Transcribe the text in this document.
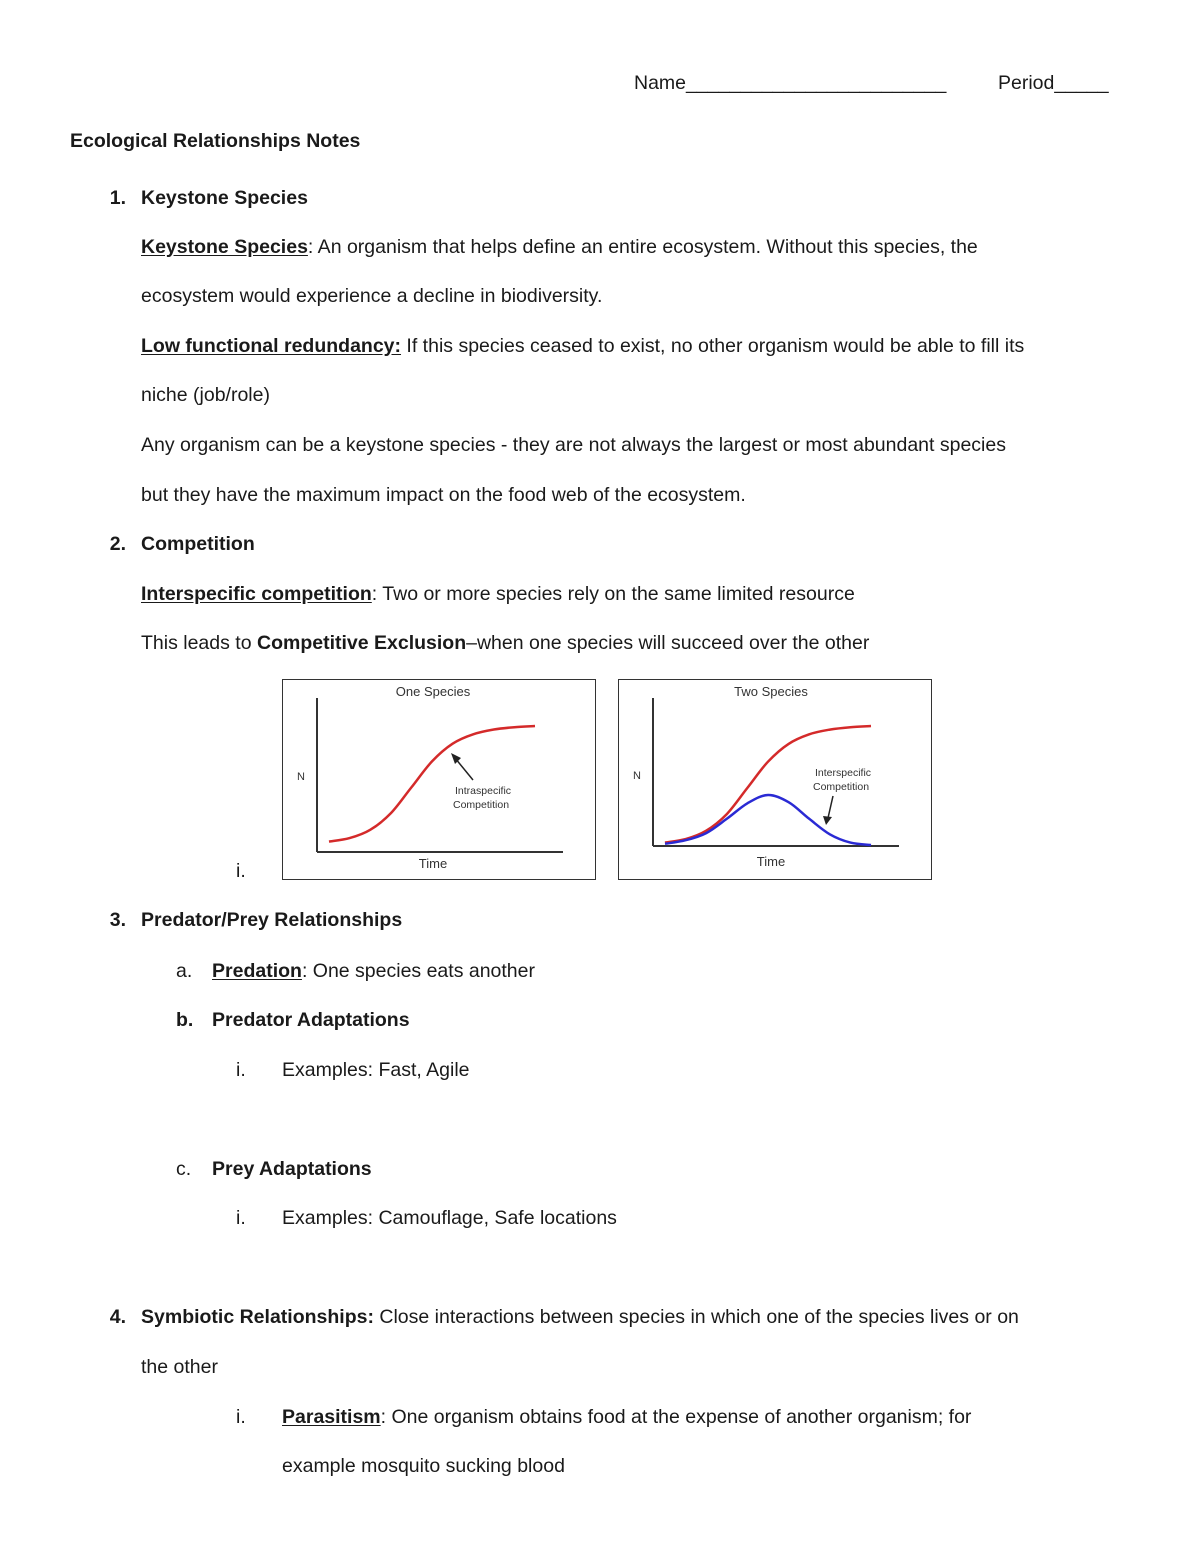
Name________________________	Period_____
Ecological Relationships Notes
1. Keystone Species
Keystone Species: An organism that helps define an entire ecosystem. Without this species, the
ecosystem would experience a decline in biodiversity.
Low functional redundancy: If this species ceased to exist, no other organism would be able to fill its
niche (job/role)
Any organism can be a keystone species - they are not always the largest or most abundant species
but they have the maximum impact on the food web of the ecosystem.
2. Competition
Interspecific competition: Two or more species rely on the same limited resource
This leads to Competitive Exclusion–when one species will succeed over the other
i.
One Species
N
Time
Intraspecific
Competition
Two Species
N
Time
Interspecific
Competition
3. Predator/Prey Relationships
a. Predation: One species eats another
b. Predator Adaptations
i. Examples: Fast, Agile
c. Prey Adaptations
i. Examples: Camouflage, Safe locations
4. Symbiotic Relationships: Close interactions between species in which one of the species lives or on
the other
i. Parasitism: One organism obtains food at the expense of another organism; for
example mosquito sucking blood
